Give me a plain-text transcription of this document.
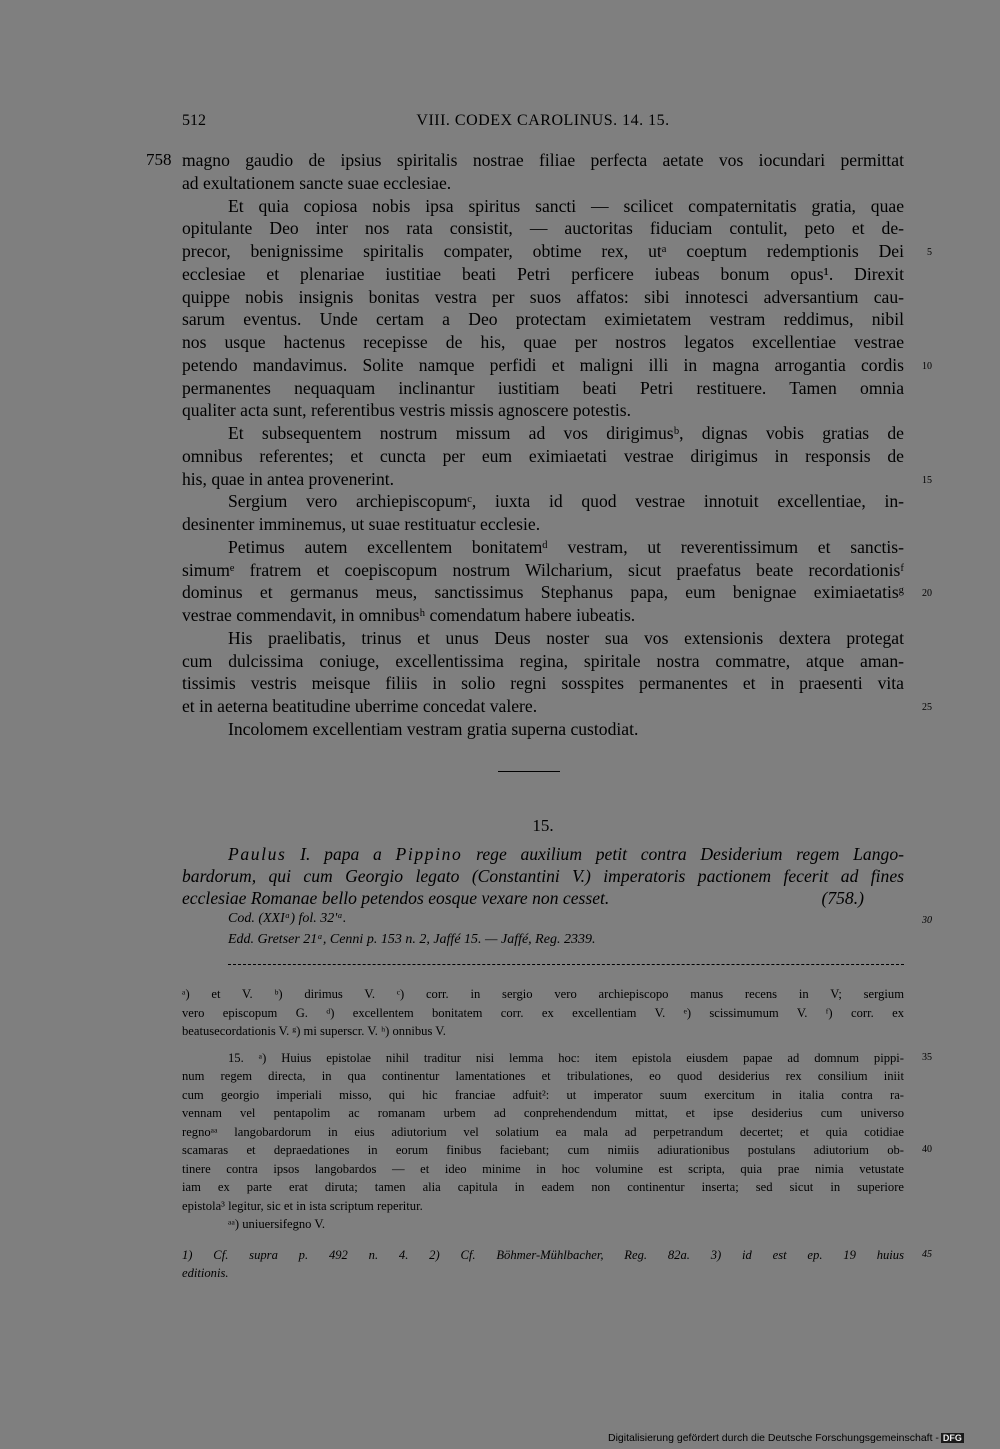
512	VIII. CODEX CAROLINUS. 14. 15.
magno gaudio de ipsius spiritalis nostrae filiae perfecta aetate vos iocundari permittat
758
ad exultationem sancte suae ecclesiae.
Et quia copiosa nobis ipsa spiritus sancti — scilicet compaternitatis gratia, quae
opitulante Deo inter nos rata consistit, — auctoritas fiduciam contulit, peto et de-
precor, benignissime spiritalis compater, obtime rex, utᵃ coeptum redemptionis Dei 5
ecclesiae et plenariae iustitiae beati Petri perficere iubeas bonum opus¹. Direxit
quippe nobis insignis bonitas vestra per suos affatos: sibi innotesci adversantium cau-
sarum eventus. Unde certam a Deo protectam eximietatem vestram reddimus, nibil
nos usque hactenus recepisse de his, quae per nostros legatos excellentiae vestrae
petendo mandavimus. Solite namque perfidi et maligni illi in magna arrogantia cordis 10
permanentes nequaquam inclinantur iustitiam beati Petri restituere. Tamen omnia
qualiter acta sunt, referentibus vestris missis agnoscere potestis.
Et subsequentem nostrum missum ad vos dirigimusᵇ, dignas vobis gratias de
omnibus referentes; et cuncta per eum eximiaetati vestrae dirigimus in responsis de
his, quae in antea provenerint.	15
Sergium vero archiepiscopumᶜ, iuxta id quod vestrae innotuit excellentiae, in-
desinenter imminemus, ut suae restituatur ecclesie.
Petimus autem excellentem bonitatemᵈ vestram, ut reverentissimum et sanctis-
simumᵉ fratrem et coepiscopum nostrum Wilcharium, sicut praefatus beate recordationisᶠ
dominus et germanus meus, sanctissimus Stephanus papa, eum benignae eximiaetatisᵍ 20
vestrae commendavit, in omnibusʰ comendatum habere iubeatis.
His praelibatis, trinus et unus Deus noster sua vos extensionis dextera protegat
cum dulcissima coniuge, excellentissima regina, spiritale nostra commatre, atque aman-
tissimis vestris meisque filiis in solio regni sosspites permanentes et in praesenti vita
et in aeterna beatitudine uberrime concedat valere.	25
Incolomem excellentiam vestram gratia superna custodiat.
15.
Paulus I. papa a Pippino rege auxilium petit contra Desiderium regem Lango-
bardorum, qui cum Georgio legato (Constantini V.) imperatoris pactionem fecerit ad fines
ecclesiae Romanae bello petendos eosque vexare non cesset.	(758.)
Cod. (XXIᵃ) fol. 32'ᵃ.	30
Edd. Gretser 21ᵃ, Cenni p. 153 n. 2, Jaffé 15. — Jaffé, Reg. 2339.
ᵃ) et V. ᵇ) dirimus V. ᶜ) corr. in sergio vero archiepiscopo manus recens in V; sergium
vero episcopum G. ᵈ) excellentem bonitatem corr. ex excellentiam V. ᵉ) scissimumum V. ᶠ) corr. ex
beatusecordationis V. ᵍ) mi superscr. V. ʰ) onnibus V.
15. ᵃ) Huius epistolae nihil traditur nisi lemma hoc: item epistola eiusdem papae ad domnum pippi- 35
num regem directa, in qua continentur lamentationes et tribulationes, eo quod desiderius rex consilium iniit
cum georgio imperiali misso, qui hic franciae adfuit²: ut imperator suum exercitum in italia contra ra-
vennam vel pentapolim ac romanam urbem ad conprehendendum mittat, et ipse desiderius cum universo
regnoᵃᵃ langobardorum in eius adiutorium vel solatium ea mala ad perpetrandum decertet; et quia cotidiae
scamaras et depraedationes in eorum finibus faciebant; cum nimiis adiurationibus postulans adiutorium ob- 40
tinere contra ipsos langobardos — et ideo minime in hoc volumine est scripta, quia prae nimia vetustate
iam ex parte erat diruta; tamen alia capitula in eadem non continentur inserta; sed sicut in superiore
epistola³ legitur, sic et in ista scriptum reperitur.
ᵃᵃ) uniuersifegno V.
1) Cf. supra p. 492 n. 4. 2) Cf. Böhmer-Mühlbacher, Reg. 82a. 3) id est ep. 19 huius 45
editionis.
Digitalisierung gefördert durch die Deutsche Forschungsgemeinschaft - DFG
